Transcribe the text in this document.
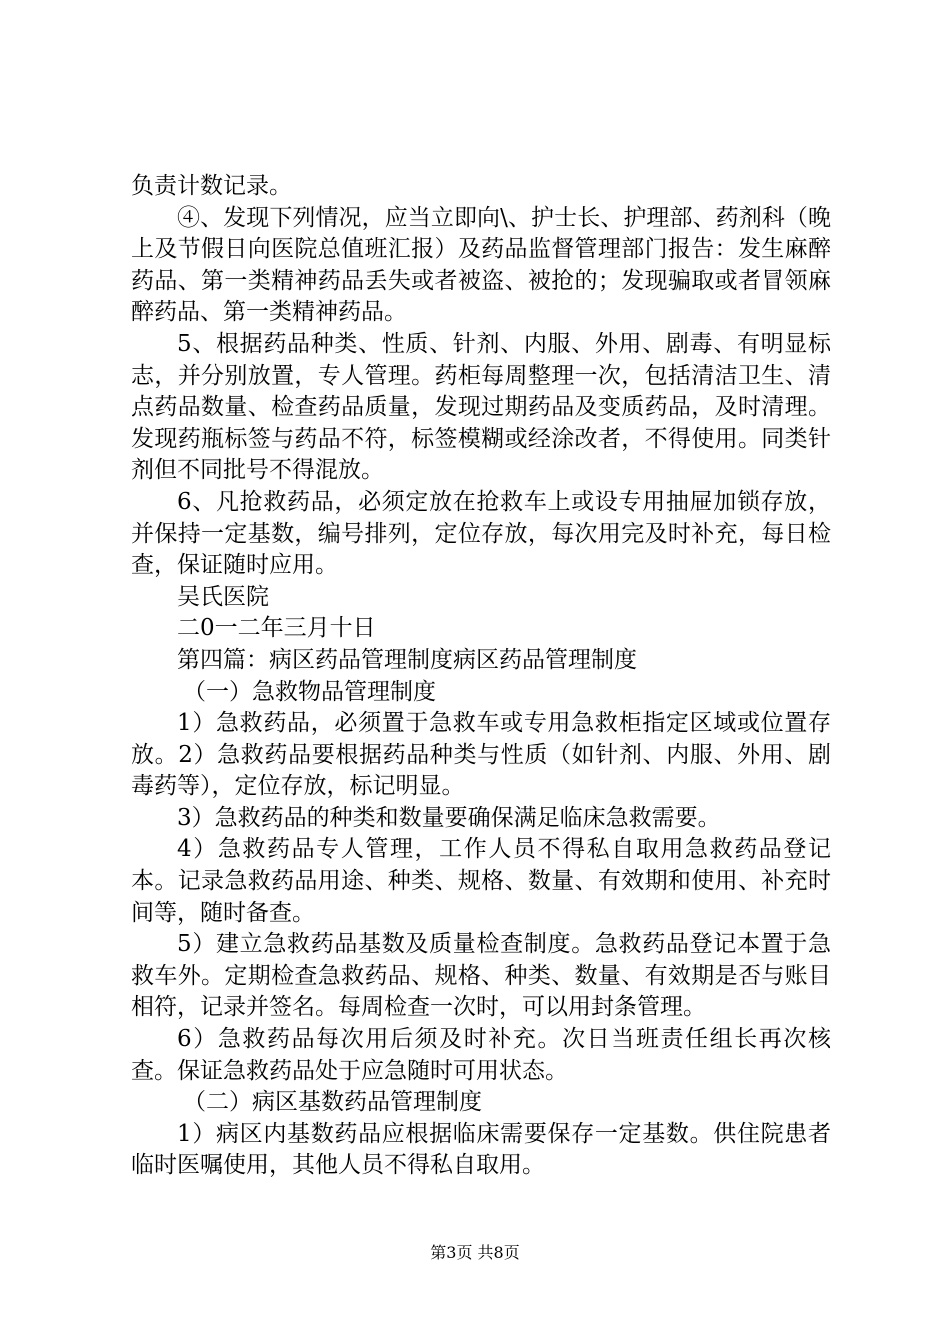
负责计数记录。

④、发现下列情况，应当立即向\、护士长、护理部、药剂科（晚上及节假日向医院总值班汇报）及药品监督管理部门报告：发生麻醉药品、第一类精神药品丢失或者被盗、被抢的；发现骗取或者冒领麻醉药品、第一类精神药品。

5、根据药品种类、性质、针剂、内服、外用、剧毒、有明显标志，并分别放置，专人管理。药柜每周整理一次，包括清洁卫生、清点药品数量、检查药品质量，发现过期药品及变质药品，及时清理。发现药瓶标签与药品不符，标签模糊或经涂改者，不得使用。同类针剂但不同批号不得混放。

6、凡抢救药品，必须定放在抢救车上或设专用抽屉加锁存放，并保持一定基数，编号排列，定位存放，每次用完及时补充，每日检查，保证随时应用。

吴氏医院

二0一二年三月十日

第四篇：病区药品管理制度病区药品管理制度

（一）急救物品管理制度

1）急救药品，必须置于急救车或专用急救柜指定区域或位置存放。2）急救药品要根据药品种类与性质（如针剂、内服、外用、剧毒药等），定位存放，标记明显。

3）急救药品的种类和数量要确保满足临床急救需要。

4）急救药品专人管理，工作人员不得私自取用急救药品登记本。记录急救药品用途、种类、规格、数量、有效期和使用、补充时间等，随时备查。

5）建立急救药品基数及质量检查制度。急救药品登记本置于急救车外。定期检查急救药品、规格、种类、数量、有效期是否与账目相符，记录并签名。每周检查一次时，可以用封条管理。

6）急救药品每次用后须及时补充。次日当班责任组长再次核查。保证急救药品处于应急随时可用状态。

（二）病区基数药品管理制度

1）病区内基数药品应根据临床需要保存一定基数。供住院患者临时医嘱使用，其他人员不得私自取用。

第3页 共8页
